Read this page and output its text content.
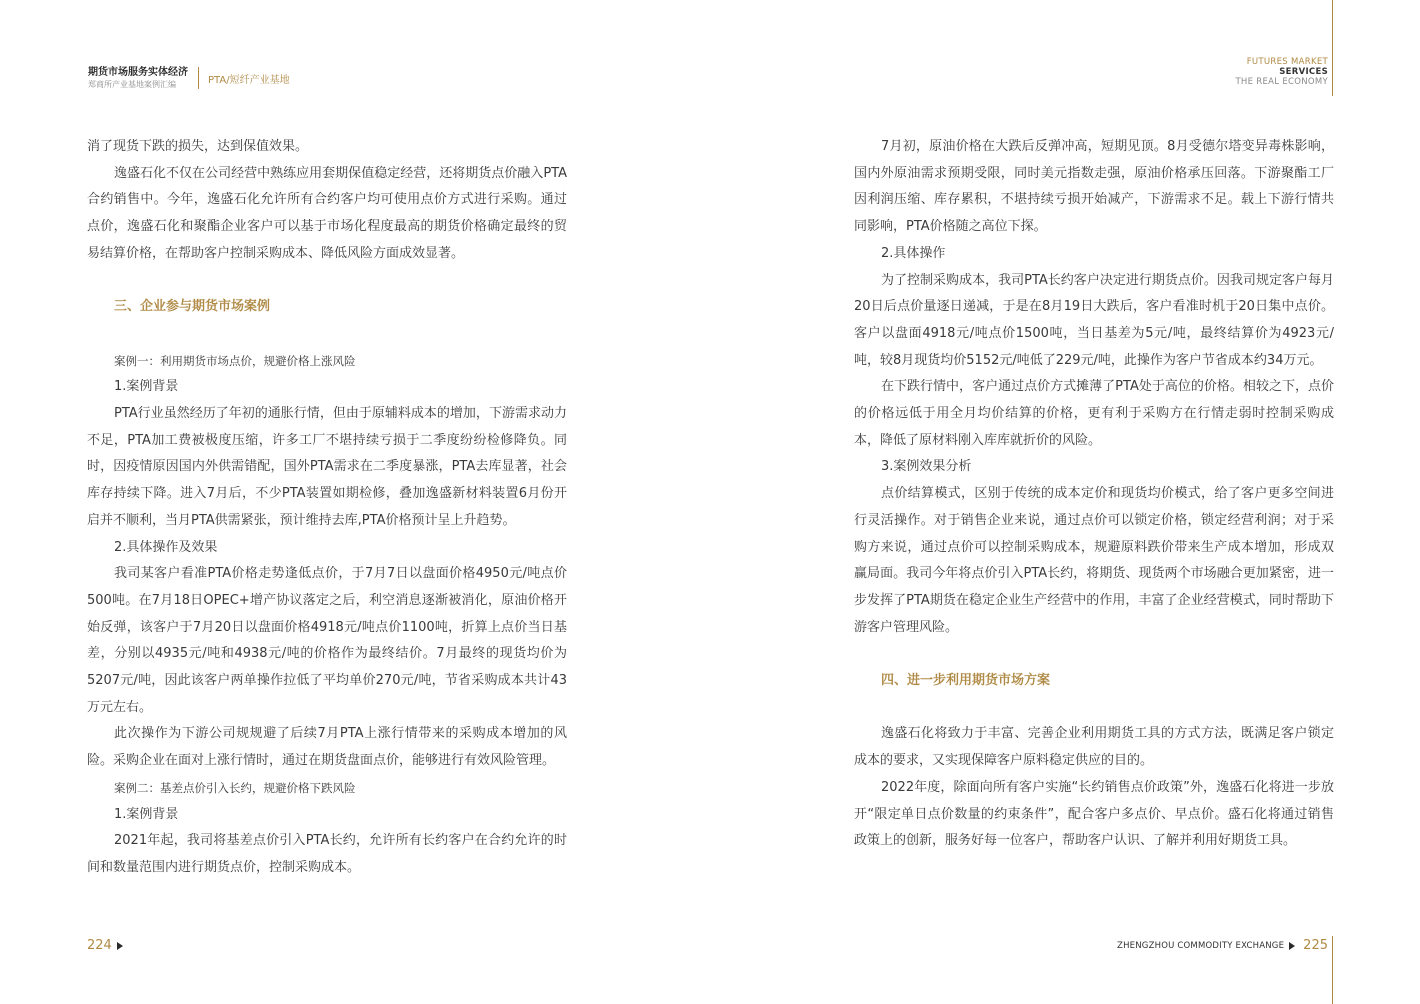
期货市场服务实体经济
郑商所产业基地案例汇编	PTA/短纤产业基地
FUTURES MARKET
SERVICES
THE REAL ECONOMY
消了现货下跌的损失，达到保值效果。
逸盛石化不仅在公司经营中熟练应用套期保值稳定经营，还将期货点价融入PTA合约销售中。今年，逸盛石化允许所有合约客户均可使用点价方式进行采购。通过点价，逸盛石化和聚酯企业客户可以基于市场化程度最高的期货价格确定最终的贸易结算价格，在帮助客户控制采购成本、降低风险方面成效显著。
三、企业参与期货市场案例
案例一：利用期货市场点价，规避价格上涨风险
1.案例背景
PTA行业虽然经历了年初的通胀行情，但由于原辅料成本的增加，下游需求动力不足，PTA加工费被极度压缩，许多工厂不堪持续亏损于二季度纷纷检修降负。同时，因疫情原因国内外供需错配，国外PTA需求在二季度暴涨，PTA去库显著，社会库存持续下降。进入7月后，不少PTA装置如期检修，叠加逸盛新材料装置6月份开启并不顺利，当月PTA供需紧张，预计维持去库,PTA价格预计呈上升趋势。
2.具体操作及效果
我司某客户看准PTA价格走势逢低点价，于7月7日以盘面价格4950元/吨点价500吨。在7月18日OPEC+增产协议落定之后，利空消息逐渐被消化，原油价格开始反弹，该客户于7月20日以盘面价格4918元/吨点价1100吨，折算上点价当日基差，分别以4935元/吨和4938元/吨的价格作为最终结价。7月最终的现货均价为5207元/吨，因此该客户两单操作拉低了平均单价270元/吨，节省采购成本共计43万元左右。
此次操作为下游公司规规避了后续7月PTA上涨行情带来的采购成本增加的风险。采购企业在面对上涨行情时，通过在期货盘面点价，能够进行有效风险管理。
案例二：基差点价引入长约，规避价格下跌风险
1.案例背景
2021年起，我司将基差点价引入PTA长约，允许所有长约客户在合约允许的时间和数量范围内进行期货点价，控制采购成本。
7月初，原油价格在大跌后反弹冲高，短期见顶。8月受德尔塔变异毒株影响，国内外原油需求预期受限，同时美元指数走强，原油价格承压回落。下游聚酯工厂因利润压缩、库存累积，不堪持续亏损开始减产，下游需求不足。载上下游行情共同影响，PTA价格随之高位下探。
2.具体操作
为了控制采购成本，我司PTA长约客户决定进行期货点价。因我司规定客户每月20日后点价量逐日递减，于是在8月19日大跌后，客户看准时机于20日集中点价。客户以盘面4918元/吨点价1500吨，当日基差为5元/吨，最终结算价为4923元/吨，较8月现货均价5152元/吨低了229元/吨，此操作为客户节省成本约34万元。
在下跌行情中，客户通过点价方式摊薄了PTA处于高位的价格。相较之下，点价的价格远低于用全月均价结算的价格，更有利于采购方在行情走弱时控制采购成本，降低了原材料刚入库库就折价的风险。
3.案例效果分析
点价结算模式，区别于传统的成本定价和现货均价模式，给了客户更多空间进行灵活操作。对于销售企业来说，通过点价可以锁定价格，锁定经营利润；对于采购方来说，通过点价可以控制采购成本，规避原料跌价带来生产成本增加，形成双赢局面。我司今年将点价引入PTA长约，将期货、现货两个市场融合更加紧密，进一步发挥了PTA期货在稳定企业生产经营中的作用，丰富了企业经营模式，同时帮助下游客户管理风险。
四、进一步利用期货市场方案
逸盛石化将致力于丰富、完善企业利用期货工具的方式方法，既满足客户锁定成本的要求，又实现保障客户原料稳定供应的目的。
2022年度，除面向所有客户实施“长约销售点价政策”外，逸盛石化将进一步放开“限定单日点价数量的约束条件”，配合客户多点价、早点价。盛石化将通过销售政策上的创新，服务好每一位客户，帮助客户认识、了解并利用好期货工具。
224	ZHENGZHOU COMMODITY EXCHANGE 225
